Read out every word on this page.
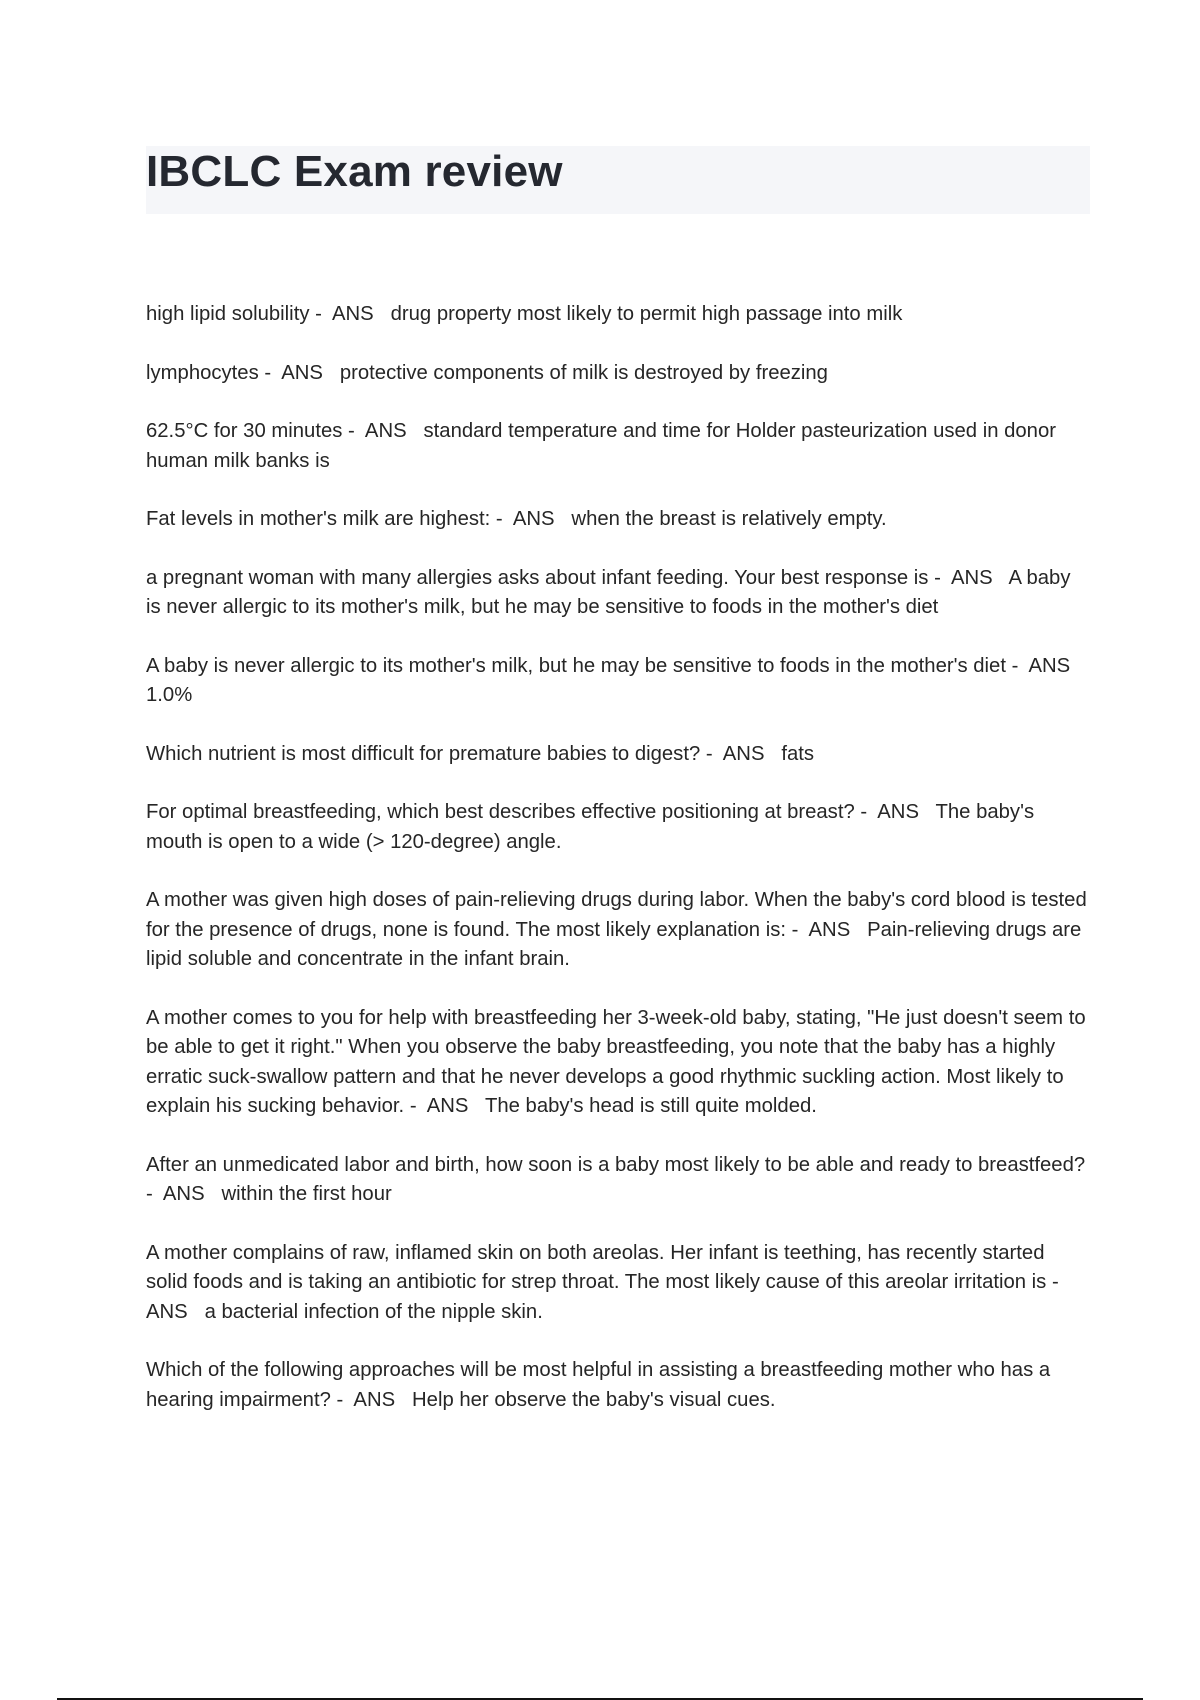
IBCLC Exam review

high lipid solubility -  ANS   drug property most likely to permit high passage into milk

lymphocytes -  ANS   protective components of milk is destroyed by freezing

62.5°C for 30 minutes -  ANS   standard temperature and time for Holder pasteurization used in donor human milk banks is

Fat levels in mother's milk are highest: -  ANS   when the breast is relatively empty.

a pregnant woman with many allergies asks about infant feeding. Your best response is -  ANS   A baby is never allergic to its mother's milk, but he may be sensitive to foods in the mother's diet

A baby is never allergic to its mother's milk, but he may be sensitive to foods in the mother's diet -  ANS   1.0%

Which nutrient is most difficult for premature babies to digest? -  ANS   fats

For optimal breastfeeding, which best describes effective positioning at breast? -  ANS   The baby's mouth is open to a wide (> 120-degree) angle.

A mother was given high doses of pain-relieving drugs during labor. When the baby's cord blood is tested for the presence of drugs, none is found. The most likely explanation is: -  ANS   Pain-relieving drugs are lipid soluble and concentrate in the infant brain.

A mother comes to you for help with breastfeeding her 3-week-old baby, stating, "He just doesn't seem to be able to get it right." When you observe the baby breastfeeding, you note that the baby has a highly erratic suck-swallow pattern and that he never develops a good rhythmic suckling action. Most likely to explain his sucking behavior. -  ANS   The baby's head is still quite molded.

After an unmedicated labor and birth, how soon is a baby most likely to be able and ready to breastfeed? -  ANS   within the first hour

A mother complains of raw, inflamed skin on both areolas. Her infant is teething, has recently started solid foods and is taking an antibiotic for strep throat. The most likely cause of this areolar irritation is -  ANS   a bacterial infection of the nipple skin.

Which of the following approaches will be most helpful in assisting a breastfeeding mother who has a hearing impairment? -  ANS   Help her observe the baby's visual cues.
